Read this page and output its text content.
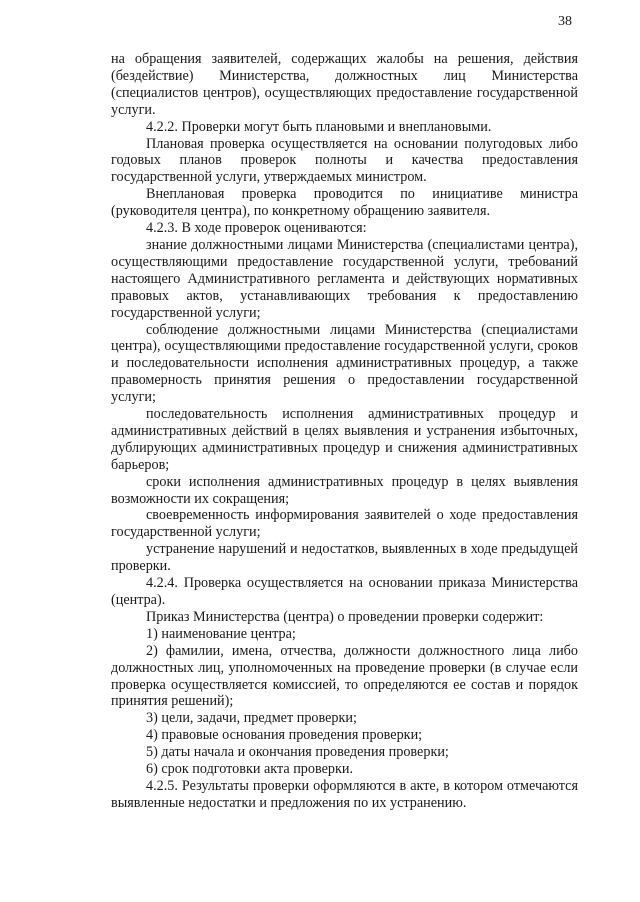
38

на обращения заявителей, содержащих жалобы на решения, действия (бездействие) Министерства, должностных лиц Министерства (специалистов центров), осуществляющих предоставление государственной услуги.

4.2.2. Проверки могут быть плановыми и внеплановыми.

Плановая проверка осуществляется на основании полугодовых либо годовых планов проверок полноты и качества предоставления государственной услуги, утверждаемых министром.

Внеплановая проверка проводится по инициативе министра (руководителя центра), по конкретному обращению заявителя.

4.2.3. В ходе проверок оцениваются:

знание должностными лицами Министерства (специалистами центра), осуществляющими предоставление государственной услуги, требований настоящего Административного регламента и действующих нормативных правовых актов, устанавливающих требования к предоставлению государственной услуги;

соблюдение должностными лицами Министерства (специалистами центра), осуществляющими предоставление государственной услуги, сроков и последовательности исполнения административных процедур, а также правомерность принятия решения о предоставлении государственной услуги;

последовательность исполнения административных процедур и административных действий в целях выявления и устранения избыточных, дублирующих административных процедур и снижения административных барьеров;

сроки исполнения административных процедур в целях выявления возможности их сокращения;

своевременность информирования заявителей о ходе предоставления государственной услуги;

устранение нарушений и недостатков, выявленных в ходе предыдущей проверки.

4.2.4. Проверка осуществляется на основании приказа Министерства (центра).

Приказ Министерства (центра) о проведении проверки содержит:

1) наименование центра;

2) фамилии, имена, отчества, должности должностного лица либо должностных лиц, уполномоченных на проведение проверки (в случае если проверка осуществляется комиссией, то определяются ее состав и порядок принятия решений);

3) цели, задачи, предмет проверки;

4) правовые основания проведения проверки;

5) даты начала и окончания проведения проверки;

6) срок подготовки акта проверки.

4.2.5. Результаты проверки оформляются в акте, в котором отмечаются выявленные недостатки и предложения по их устранению.
